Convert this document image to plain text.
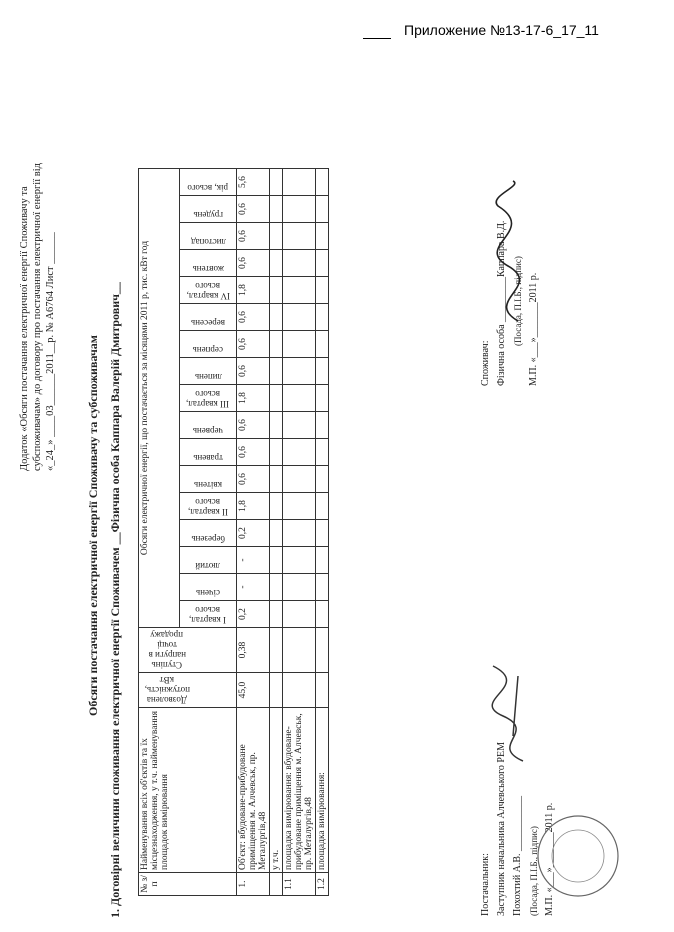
Приложение №13-17-6_17_11
Додаток «Обсяги постачання електричної енергії Споживачу та субспоживачам» до договору про постачання електричної енергії від «_24_» ____03______2011__р. № А6764 Лист ______	Обсяги постачання електричної енергії Споживачу та субспоживачам 1. Договірні величини споживання електричної енергії Споживачем __Фізична особа Каппара Валерій Дмитрович__ № з/п	Найменування всіх об'єктів та їх місцезнаходження, у т.ч. найменування площадок вимірювання	Дозволена потужність, кВт	Ступінь напруги в точці продажу	Обсяги електричної енергії, що постачається за місяцями 2011 р, тис. кВт год																

				I квартал, всього	січень	лютий	березень	II квартал, всього	квітень	травень	червень	III квартал, всього	липень	серпень	вересень	IV квартал, всього	жовтень	листопад	грудень	рік, всього

1.	Об'єкт: вбудоване-прибудоване приміщення м. Алчевськ, пр. Металургів,48	45,0	0,38	0,2	-	-	0,2	1,8	0,6	0,6	0,6	1,8	0,6	0,6	0,6	1,8	0,6	0,6	0,6	5,6
	у т.ч.																			
1.1	площадка вимірювання: вбудоване-прибудоване приміщення м. Алчевськ, пр. Металургів,48																			
1.2	площадка вимірювання:																			
Постачальник: Заступник начальника Алчевського РЕМ Похохтий А.В. ___________ (Посада, П.І.Б., підпис) М.П. «___»_______2011 р.
Споживач: Фізична особа _________Каппара В.Д. (Посада, П.І.Б., підпис) М.П. «___»_______2011 р.
